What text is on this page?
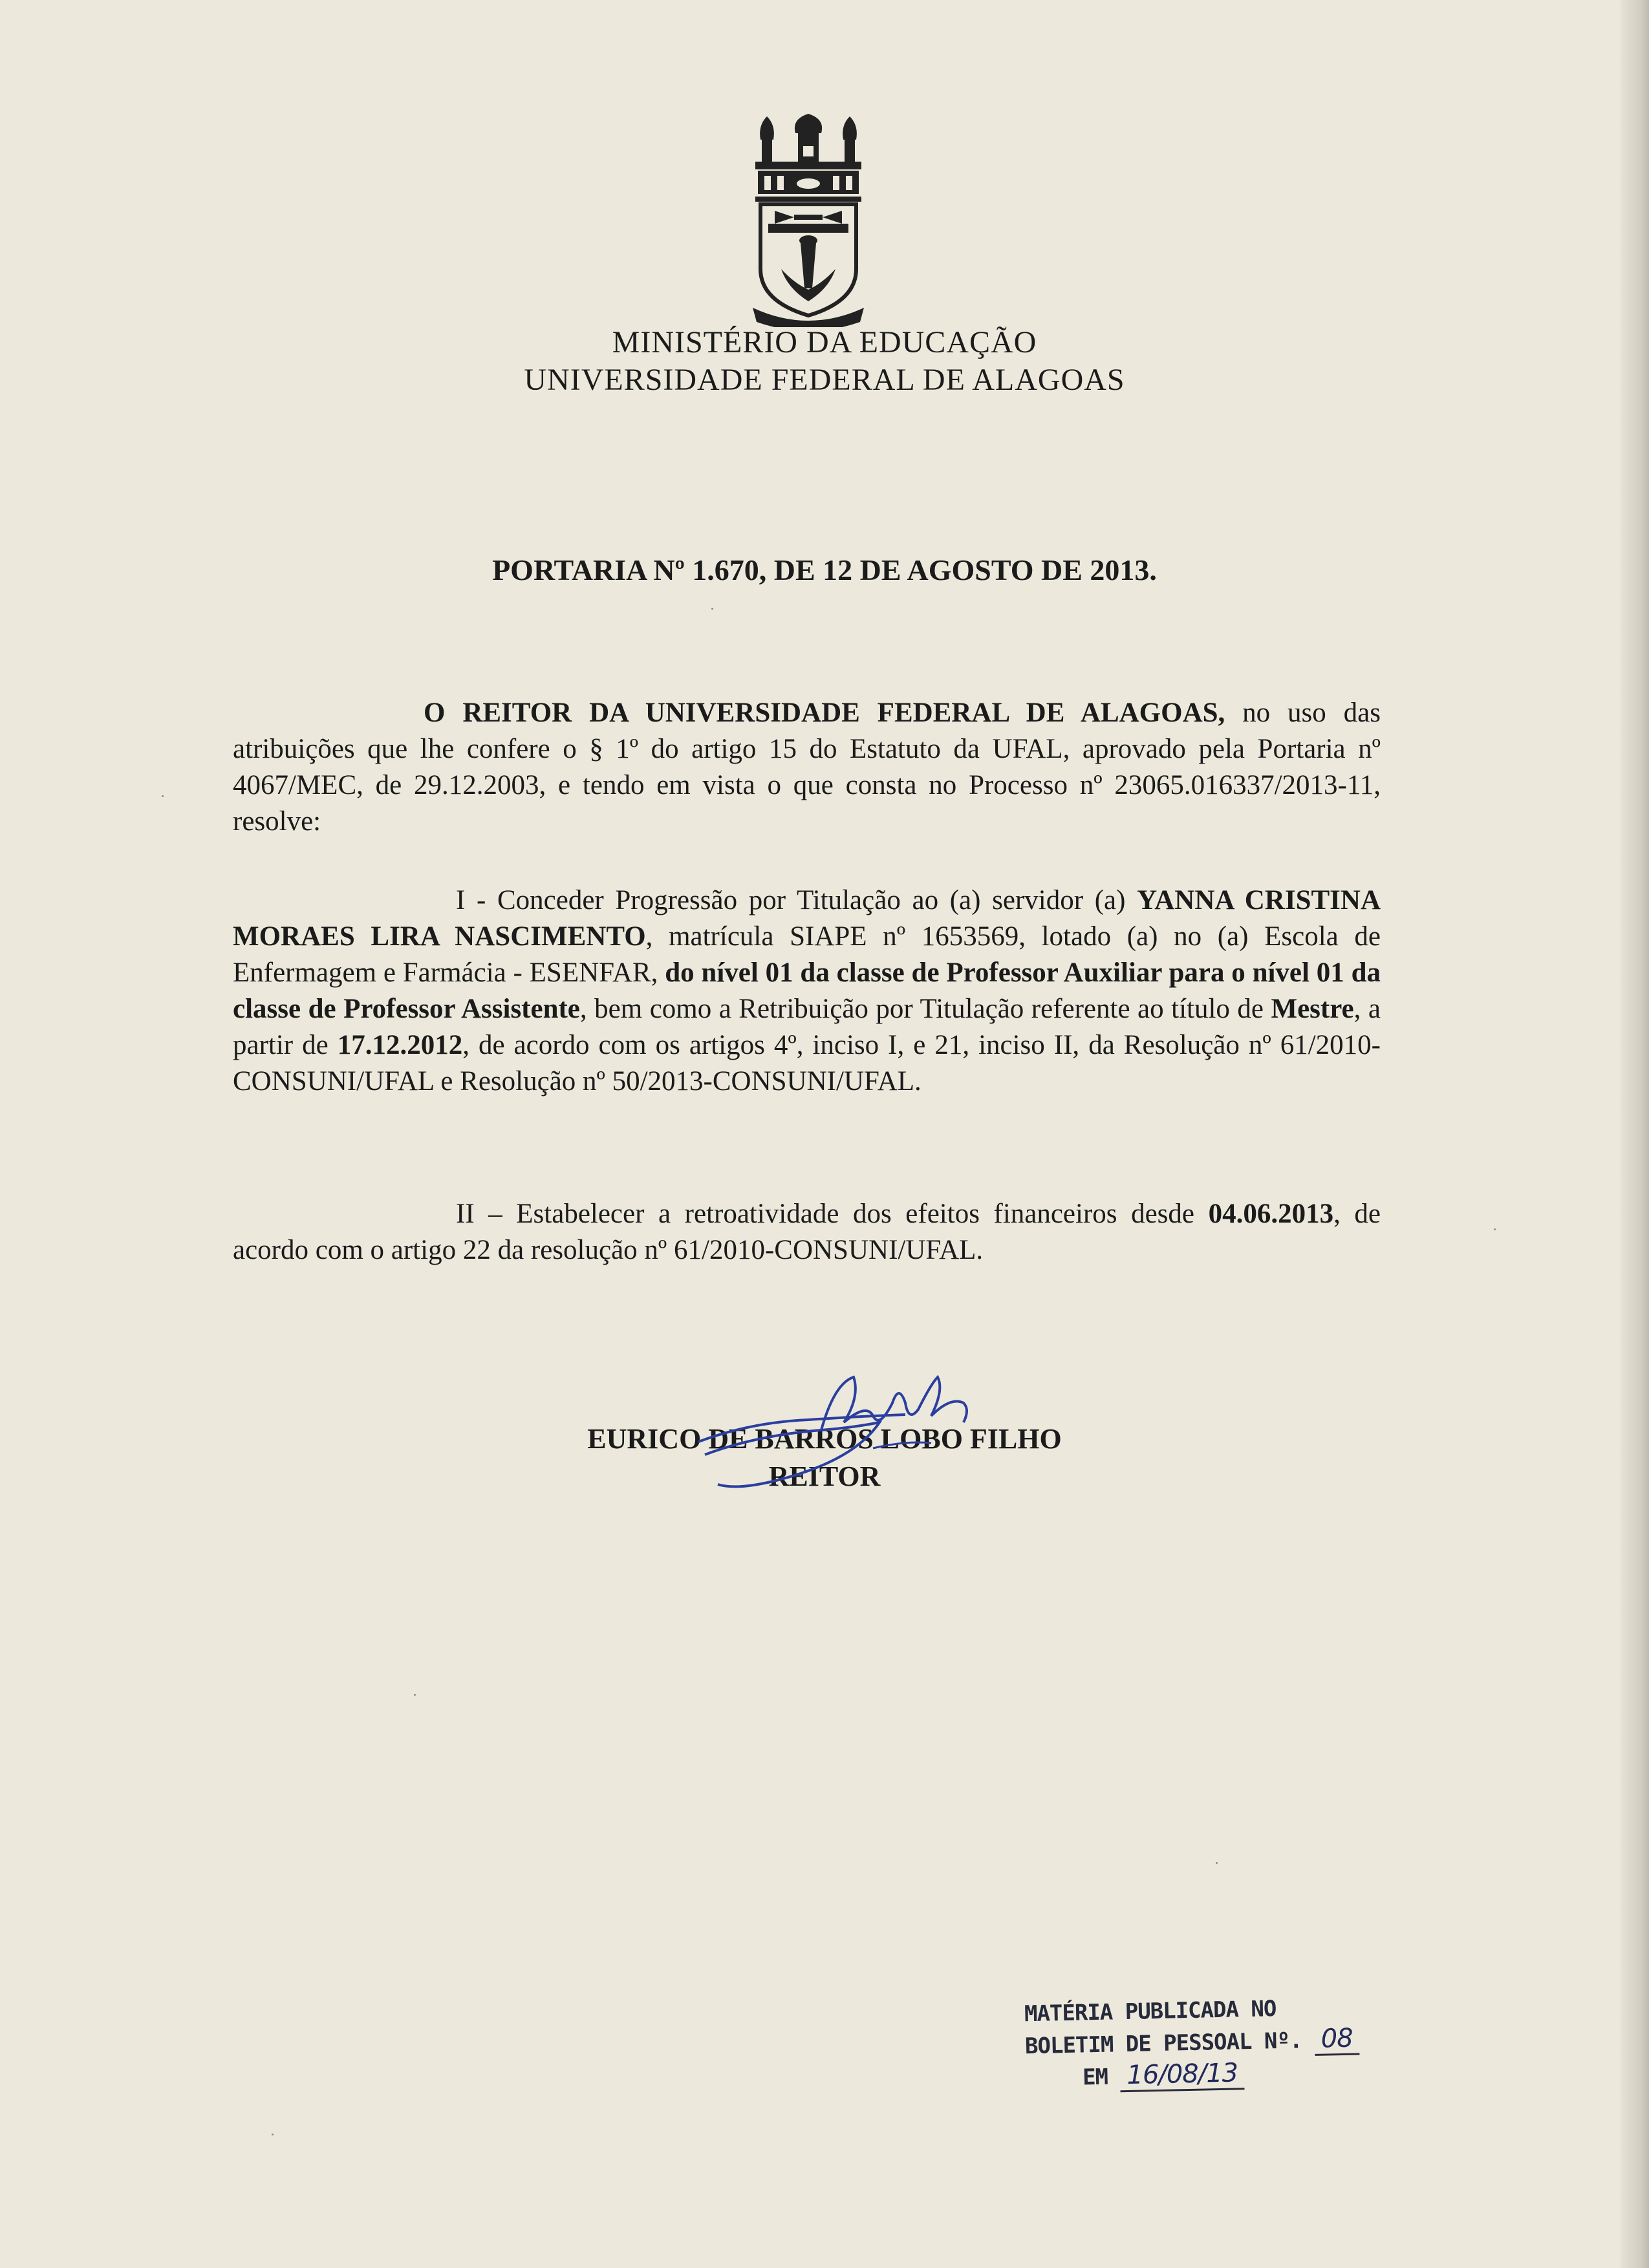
MINISTÉRIO DA EDUCAÇÃO
UNIVERSIDADE FEDERAL DE ALAGOAS
PORTARIA Nº 1.670, DE 12 DE AGOSTO DE 2013.

O REITOR DA UNIVERSIDADE FEDERAL DE ALAGOAS, no uso das atribuições que lhe confere o § 1º do artigo 15 do Estatuto da UFAL, aprovado pela Portaria nº 4067/MEC, de 29.12.2003, e tendo em vista o que consta no Processo nº 23065.016337/2013-11, resolve:

I - Conceder Progressão por Titulação ao (a) servidor (a) YANNA CRISTINA MORAES LIRA NASCIMENTO, matrícula SIAPE nº 1653569, lotado (a) no (a) Escola de Enfermagem e Farmácia - ESENFAR, do nível 01 da classe de Professor Auxiliar para o nível 01 da classe de Professor Assistente, bem como a Retribuição por Titulação referente ao título de Mestre, a partir de 17.12.2012, de acordo com os artigos 4º, inciso I, e 21, inciso II, da Resolução nº 61/2010-CONSUNI/UFAL e Resolução nº 50/2013-CONSUNI/UFAL.

II – Estabelecer a retroatividade dos efeitos financeiros desde 04.06.2013, de acordo com o artigo 22 da resolução nº 61/2010-CONSUNI/UFAL.

EURICO DE BARROS LOBO FILHO
REITOR
MATÉRIA PUBLICADA NO
BOLETIM DE PESSOAL Nº. 08
EM 16/08/13
